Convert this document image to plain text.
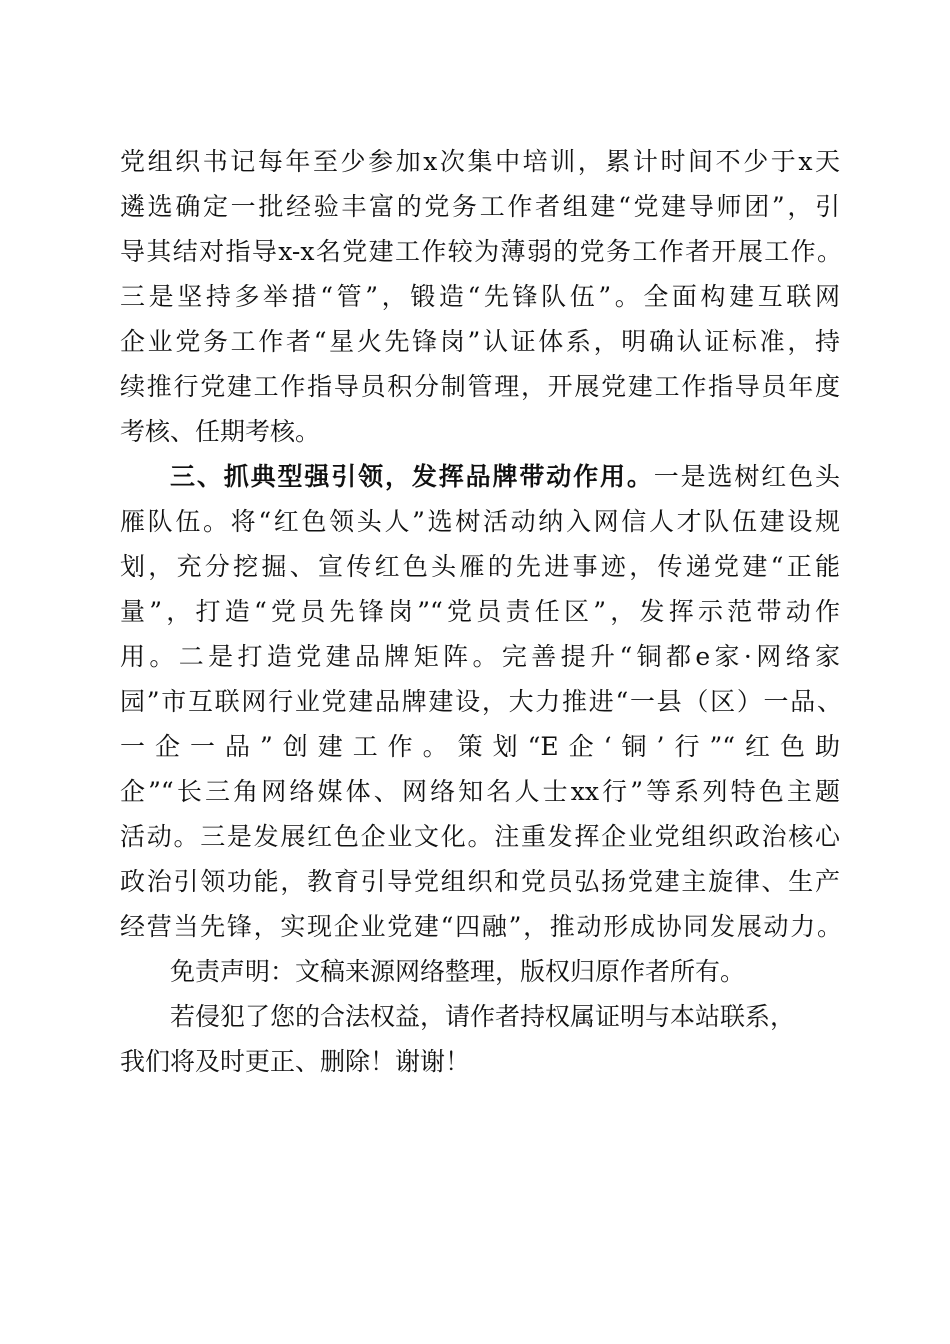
党组织书记每年至少参加x次集中培训，累计时间不少于x天
遴选确定一批经验丰富的党务工作者组建“党建导师团”，引
导其结对指导x-x名党建工作较为薄弱的党务工作者开展工作。
三是坚持多举措“管”，锻造“先锋队伍”。全面构建互联网
企业党务工作者“星火先锋岗”认证体系，明确认证标准，持
续推行党建工作指导员积分制管理，开展党建工作指导员年度
考核、任期考核。
三、抓典型强引领，发挥品牌带动作用。一是选树红色头
雁队伍。将“红色领头人”选树活动纳入网信人才队伍建设规
划，充分挖掘、宣传红色头雁的先进事迹，传递党建“正能
量”，打造“党员先锋岗”“党员责任区”，发挥示范带动作
用。二是打造党建品牌矩阵。完善提升“铜都e家·网络家
园”市互联网行业党建品牌建设，大力推进“一县（区）一品、
一企一品”创建工作。策划“E企‘铜’行”“红色助
企”“长三角网络媒体、网络知名人士xx行”等系列特色主题
活动。三是发展红色企业文化。注重发挥企业党组织政治核心
政治引领功能，教育引导党组织和党员弘扬党建主旋律、生产
经营当先锋，实现企业党建“四融”，推动形成协同发展动力。
免责声明：文稿来源网络整理，版权归原作者所有。
若侵犯了您的合法权益，请作者持权属证明与本站联系，
我们将及时更正、删除！谢谢！
